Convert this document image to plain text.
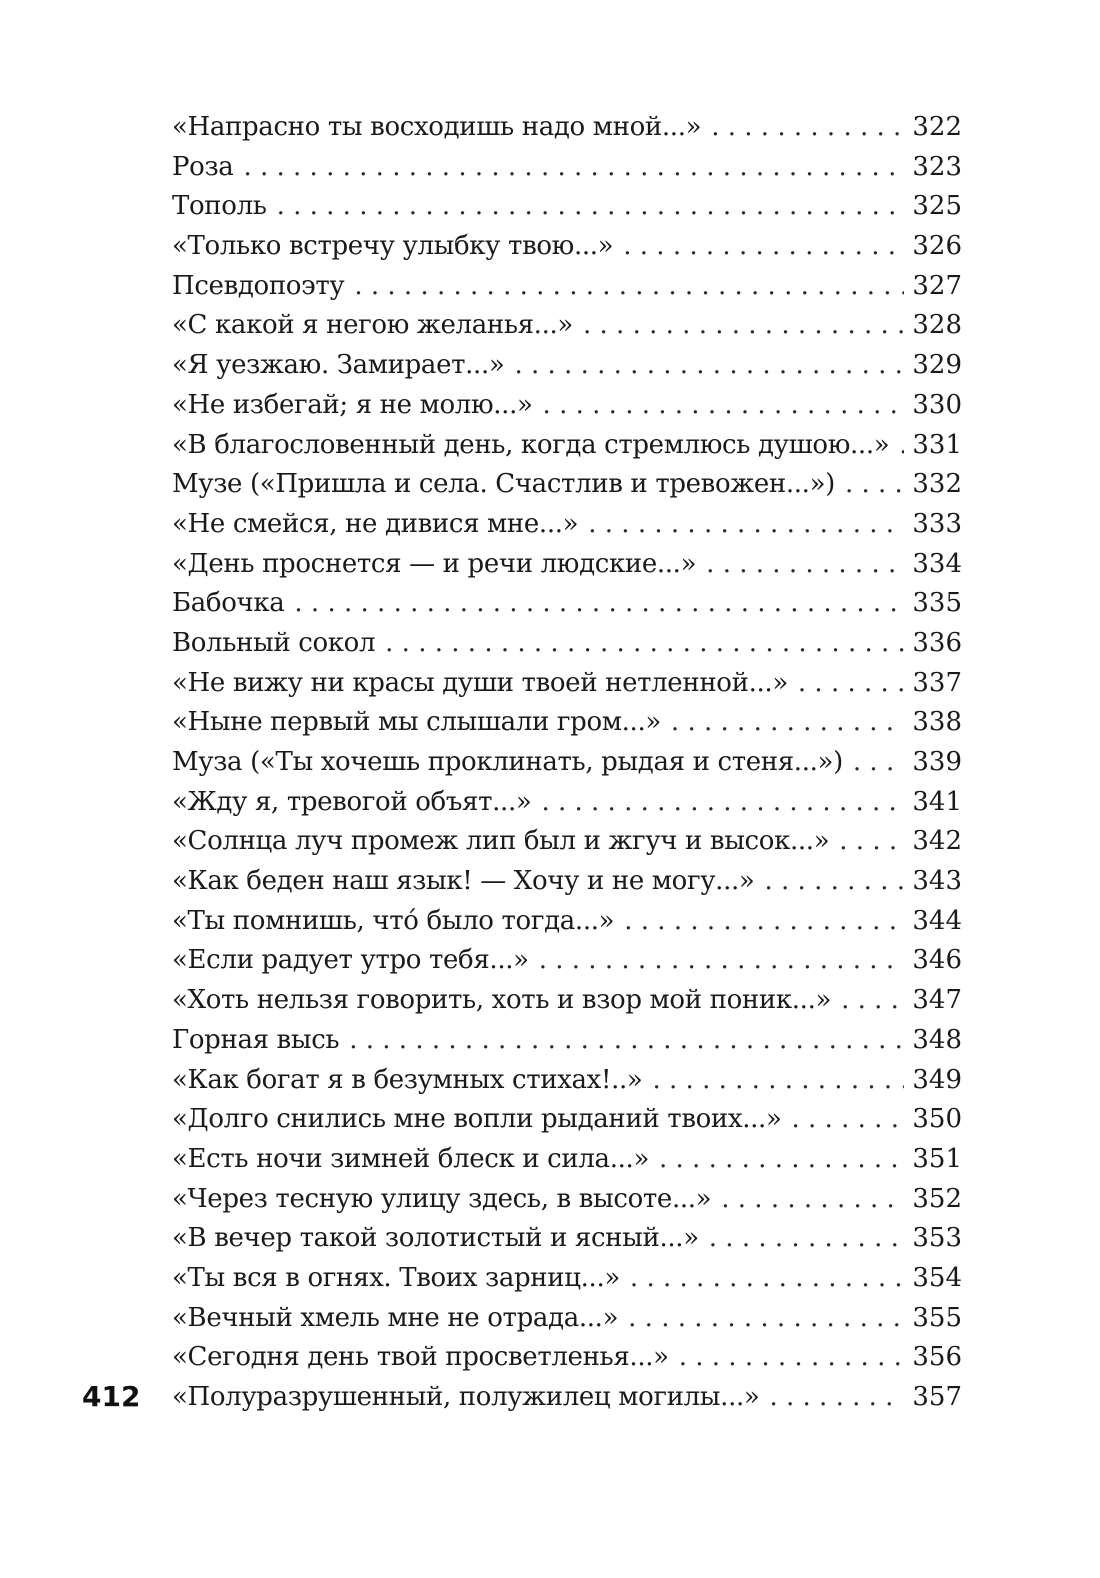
«Напрасно ты восходишь надо мной...» . . .	322
Роза . . .	323
Тополь . . .	325
«Только встречу улыбку твою...» . . .	326
Псевдопоэту . . .	327
«С какой я негою желанья...» . . .	328
«Я уезжаю. Замирает...» . . .	329
«Не избегай; я не молю...» . . .	330
«В благословенный день, когда стремлюсь душою...» . . . 331
Музе («Пришла и села. Счастлив и тревожен...») . . .	332
«Не смейся, не дивися мне...» . . .	333
«День проснется — и речи людские...» . . .	334
Бабочка . . .	335
Вольный сокол . . .	336
«Не вижу ни красы души твоей нетленной...» . . .	337
«Ныне первый мы слышали гром...» . . .	338
Муза («Ты хочешь проклинать, рыдая и стеня...») . . .	339
«Жду я, тревогой объят...» . . .	341
«Солнца луч промеж лип был и жгуч и высок...» . . .	342
«Как беден наш язык! — Хочу и не могу...» . . .	343
«Ты помнишь, что́ было тогда...» . . .	344
«Если радует утро тебя...» . . .	346
«Хоть нельзя говорить, хоть и взор мой поник...» . . .	347
Горная высь . . .	348
«Как богат я в безумных стихах!..» . . .	349
«Долго снились мне вопли рыданий твоих...» . . .	350
«Есть ночи зимней блеск и сила...» . . .	351
«Через тесную улицу здесь, в высоте...» . . .	352
«В вечер такой золотистый и ясный...» . . .	353
«Ты вся в огнях. Твоих зарниц...» . . .	354
«Вечный хмель мне не отрада...» . . .	355
«Сегодня день твой просветленья...» . . .	356
«Полуразрушенный, полужилец могилы...» . . .	357
412
